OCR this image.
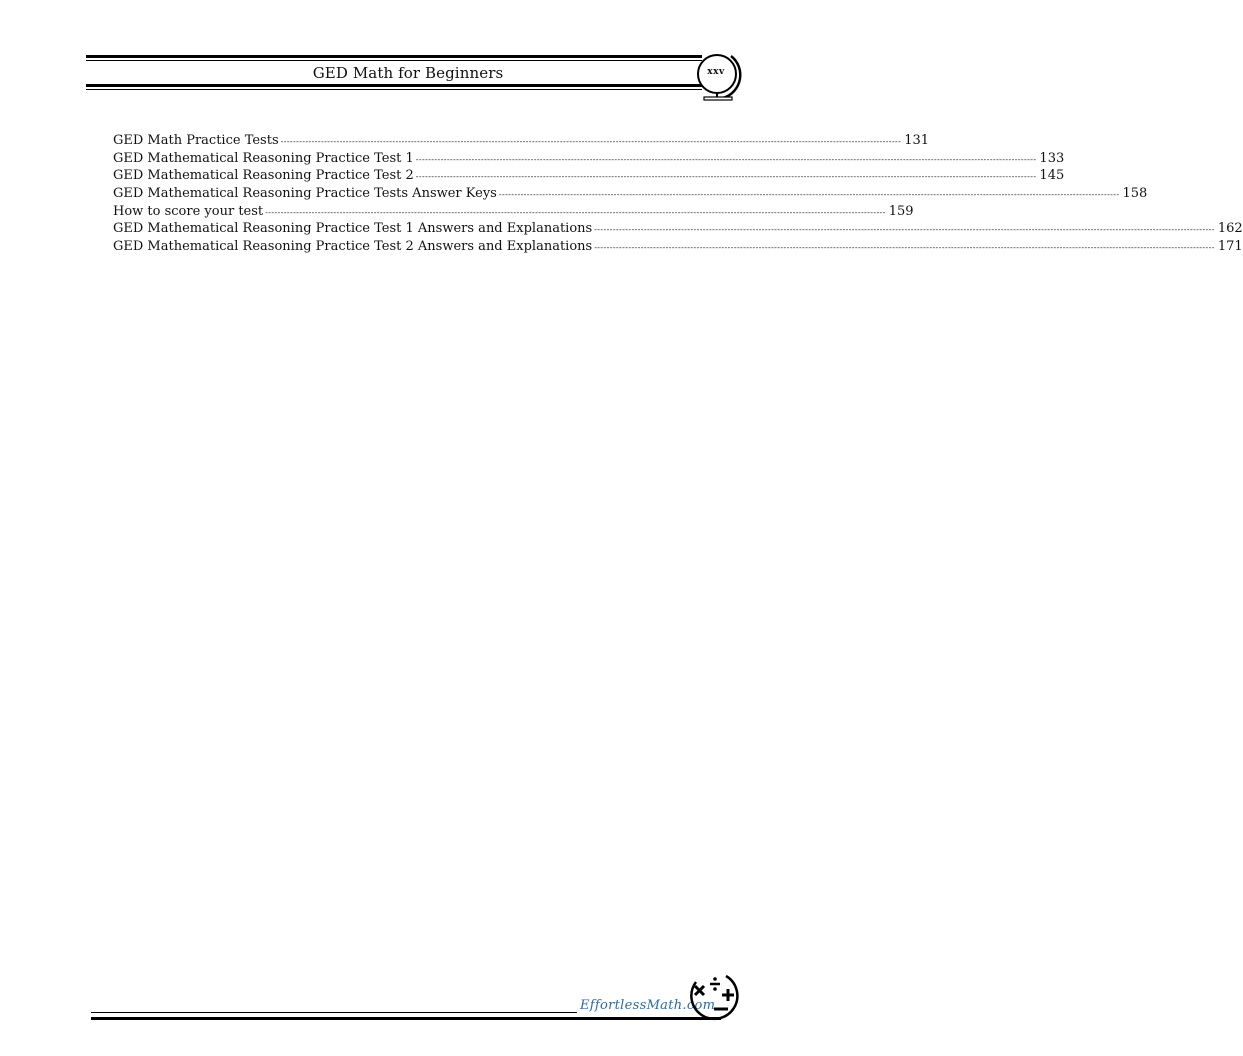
GED Math for Beginners	xxv
GED Math Practice Tests -------------------------------------------------------------------------------------------------------------------------------------------------------------------------------------------------------- 131
GED Mathematical Reasoning Practice Test 1 -------------------------------------------------------------------------------------------------------------------------------------------------------------------------------------------------------- 133
GED Mathematical Reasoning Practice Test 2 -------------------------------------------------------------------------------------------------------------------------------------------------------------------------------------------------------- 145
GED Mathematical Reasoning Practice Tests Answer Keys -------------------------------------------------------------------------------------------------------------------------------------------------------------------------------------------------------- 158
How to score your test -------------------------------------------------------------------------------------------------------------------------------------------------------------------------------------------------------- 159
GED Mathematical Reasoning Practice Test 1 Answers and Explanations -------------------------------------------------------------------------------------------------------------------------------------------------------------------------------------------------------- 162
GED Mathematical Reasoning Practice Test 2 Answers and Explanations -------------------------------------------------------------------------------------------------------------------------------------------------------------------------------------------------------- 171
EffortlessMath.com
